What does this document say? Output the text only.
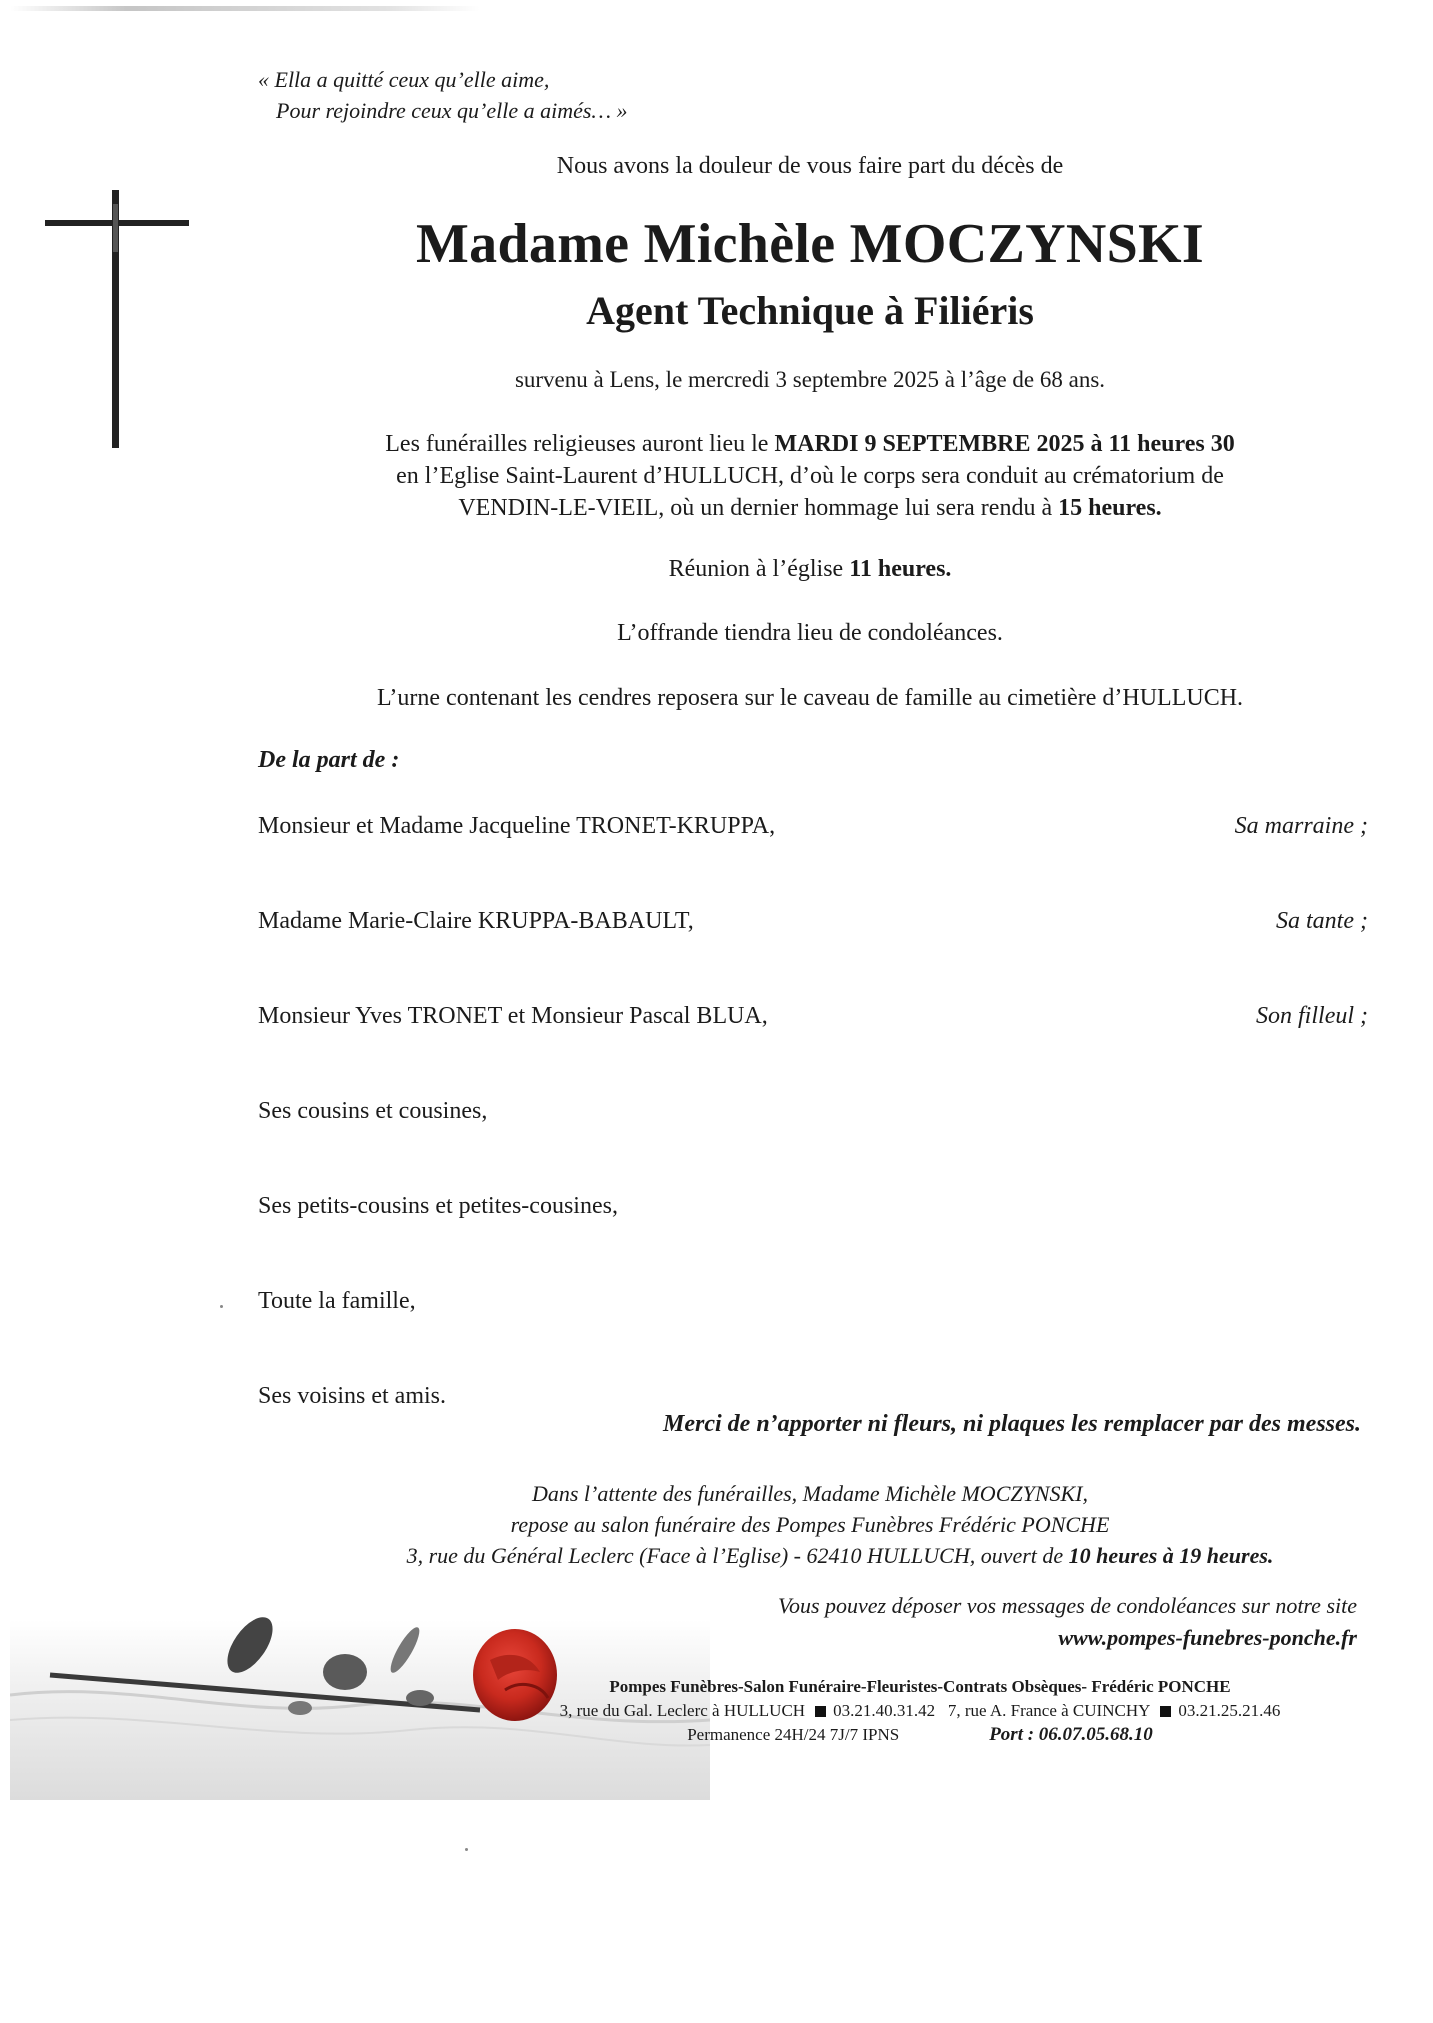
« Ella a quitté ceux qu’elle aime,
Pour rejoindre ceux qu’elle a aimés… »
Nous avons la douleur de vous faire part du décès de
Madame Michèle MOCZYNSKI
Agent Technique à Filiéris
survenu à Lens, le mercredi 3 septembre 2025 à l’âge de 68 ans.
Les funérailles religieuses auront lieu le MARDI 9 SEPTEMBRE 2025 à 11 heures 30
en l’Eglise Saint-Laurent d’HULLUCH, d’où le corps sera conduit au crématorium de
VENDIN-LE-VIEIL, où un dernier hommage lui sera rendu à 15 heures.
Réunion à l’église 11 heures.
L’offrande tiendra lieu de condoléances.
L’urne contenant les cendres reposera sur le caveau de famille au cimetière d’HULLUCH.
De la part de :
Monsieur et Madame Jacqueline TRONET-KRUPPA,	Sa marraine ;
Madame Marie-Claire KRUPPA-BABAULT,	Sa tante ;
Monsieur Yves TRONET et Monsieur Pascal BLUA,	Son filleul ;
Ses cousins et cousines,
Ses petits-cousins et petites-cousines,
Toute la famille,
Ses voisins et amis.
Merci de n’apporter ni fleurs, ni plaques les remplacer par des messes.
Dans l’attente des funérailles, Madame Michèle MOCZYNSKI,
repose au salon funéraire des Pompes Funèbres Frédéric PONCHE
3, rue du Général Leclerc (Face à l’Eglise) - 62410 HULLUCH, ouvert de 10 heures à 19 heures.
Vous pouvez déposer vos messages de condoléances sur notre site
www.pompes-funebres-ponche.fr
Pompes Funèbres-Salon Funéraire-Fleuristes-Contrats Obsèques- Frédéric PONCHE
3, rue du Gal. Leclerc à HULLUCH 03.21.40.31.42 7, rue A. France à CUINCHY 03.21.25.21.46
Permanence 24H/24 7J/7 IPNS	Port : 06.07.05.68.10
